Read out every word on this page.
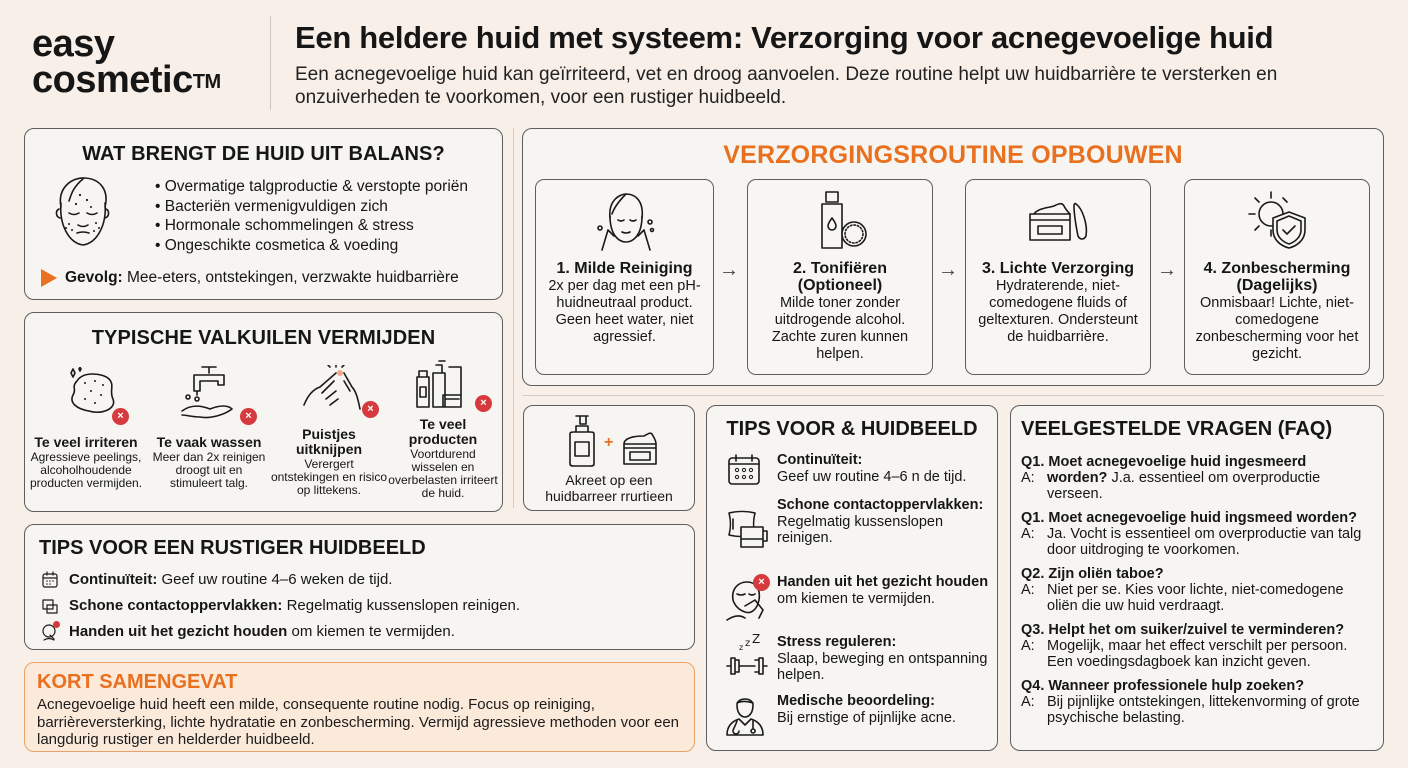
easy
cosmetic™
Een heldere huid met systeem: Verzorging voor acnegevoelige huid
Een acnegevoelige huid kan geïrriteerd, vet en droog aanvoelen. Deze routine helpt uw huidbarrière te versterken en onzuiverheden te voorkomen, voor een rustiger huidbeeld.
WAT BRENGT DE HUID UIT BALANS?
• Overmatige talgproductie & verstopte poriën
• Bacteriën vermenigvuldigen zich
• Hormonale schommelingen & stress
• Ongeschikte cosmetica & voeding
Gevolg: Mee-eters, ontstekingen, verzwakte huidbarrière
TYPISCHE VALKUILEN VERMIJDEN
×
Te veel irriteren
Agressieve peelings, alcoholhoudende producten vermijden.
×
Te vaak wassen
Meer dan 2x reinigen droogt uit en stimuleert talg.
×
Puistjes uitknijpen
Verergert ontstekingen en risico op littekens.
×
Te veel producten
Voortdurend wisselen en overbelasten irriteert de huid.
TIPS VOOR EEN RUSTIGER HUIDBEELD
Continuïteit: Geef uw routine 4–6 weken de tijd.
Schone contactoppervlakken: Regelmatig kussenslopen reinigen.
Handen uit het gezicht houden om kiemen te vermijden.
KORT SAMENGEVAT
Acnegevoelige huid heeft een milde, consequente routine nodig. Focus op reiniging, barrièreversterking, lichte hydratatie en zonbescherming. Vermijd agressieve methoden voor een langdurig rustiger en helderder huidbeeld.
VERZORGINGSROUTINE OPBOUWEN
1. Milde Reiniging
2x per dag met een pH-huidneutraal product. Geen heet water, niet agressief.
→	2. Tonifiëren (Optioneel)
Milde toner zonder uitdrogende alcohol. Zachte zuren kunnen helpen.
→	3. Lichte Verzorging
Hydraterende, niet-comedogene fluids of geltexturen. Ondersteunt de huidbarrière.
→	4. Zonbescherming (Dagelijks)
Onmisbaar! Lichte, niet-comedogene zonbescherming voor het gezicht.
+
Akreet op een huidbarreer rrurtieen
TIPS VOOR & HUIDBEELD
Continuïteit:
Geef uw routine 4–6 n de tijd.
Schone contactoppervlakken:
Regelmatig kussenslopen reinigen.
× Handen uit het gezicht houden om kiemen te vermijden.
z z Z Stress reguleren:
Slaap, beweging en ontspanning helpen.
Medische beoordeling:
Bij ernstige of pijnlijke acne.
VEELGESTELDE VRAGEN (FAQ)
Q1. Moet acnegevoelige huid ingesmeerd
A: worden? J.a. essentieel om overproductie verseen.
Q1. Moet acnegevoelige huid ingsmeed worden?
A: Ja. Vocht is essentieel om overproductie van talg door uitdroging te voorkomen.
Q2. Zijn oliën taboe?
A: Niet per se. Kies voor lichte, niet-comedogene oliën die uw huid verdraagt.
Q3. Helpt het om suiker/zuivel te verminderen?
A: Mogelijk, maar het effect verschilt per persoon. Een voedingsdagboek kan inzicht geven.
Q4. Wanneer professionele hulp zoeken?
A: Bij pijnlijke ontstekingen, littekenvorming of grote psychische belasting.
